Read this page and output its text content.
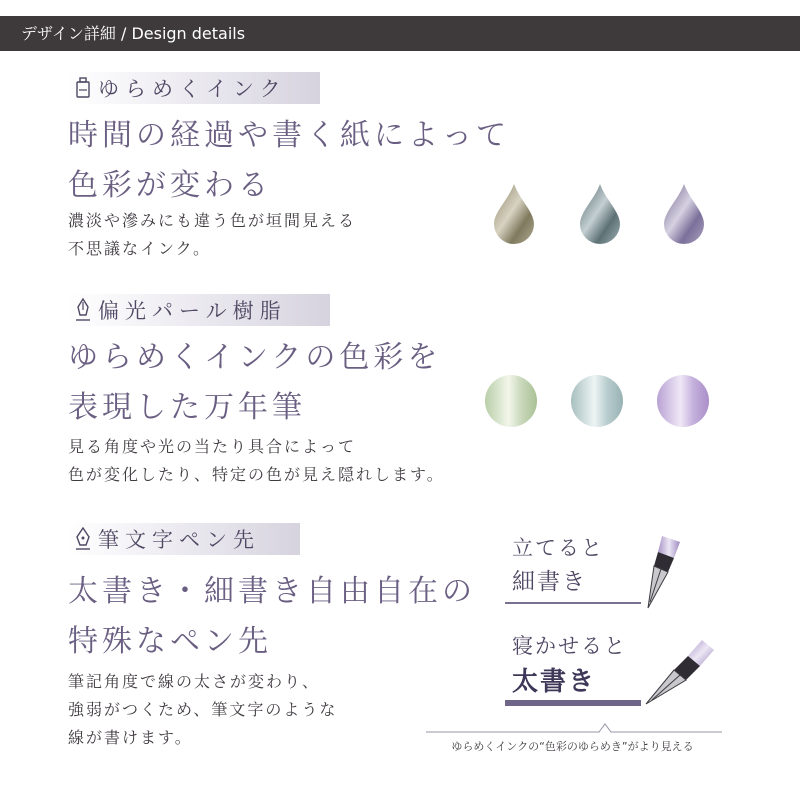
デザイン詳細 / Design details
ゆらめくインク
時間の経過や書く紙によって
色彩が変わる
濃淡や滲みにも違う色が垣間見える
不思議なインク。
偏光パール樹脂
ゆらめくインクの色彩を
表現した万年筆
見る角度や光の当たり具合によって
色が変化したり、特定の色が見え隠れします。
筆文字ペン先
太書き・細書き自由自在の
特殊なペン先
筆記角度で線の太さが変わり、
強弱がつくため、筆文字のような
線が書けます。
立てると
細書き
寝かせると
太書き
ゆらめくインクの“色彩のゆらめき”がより見える
